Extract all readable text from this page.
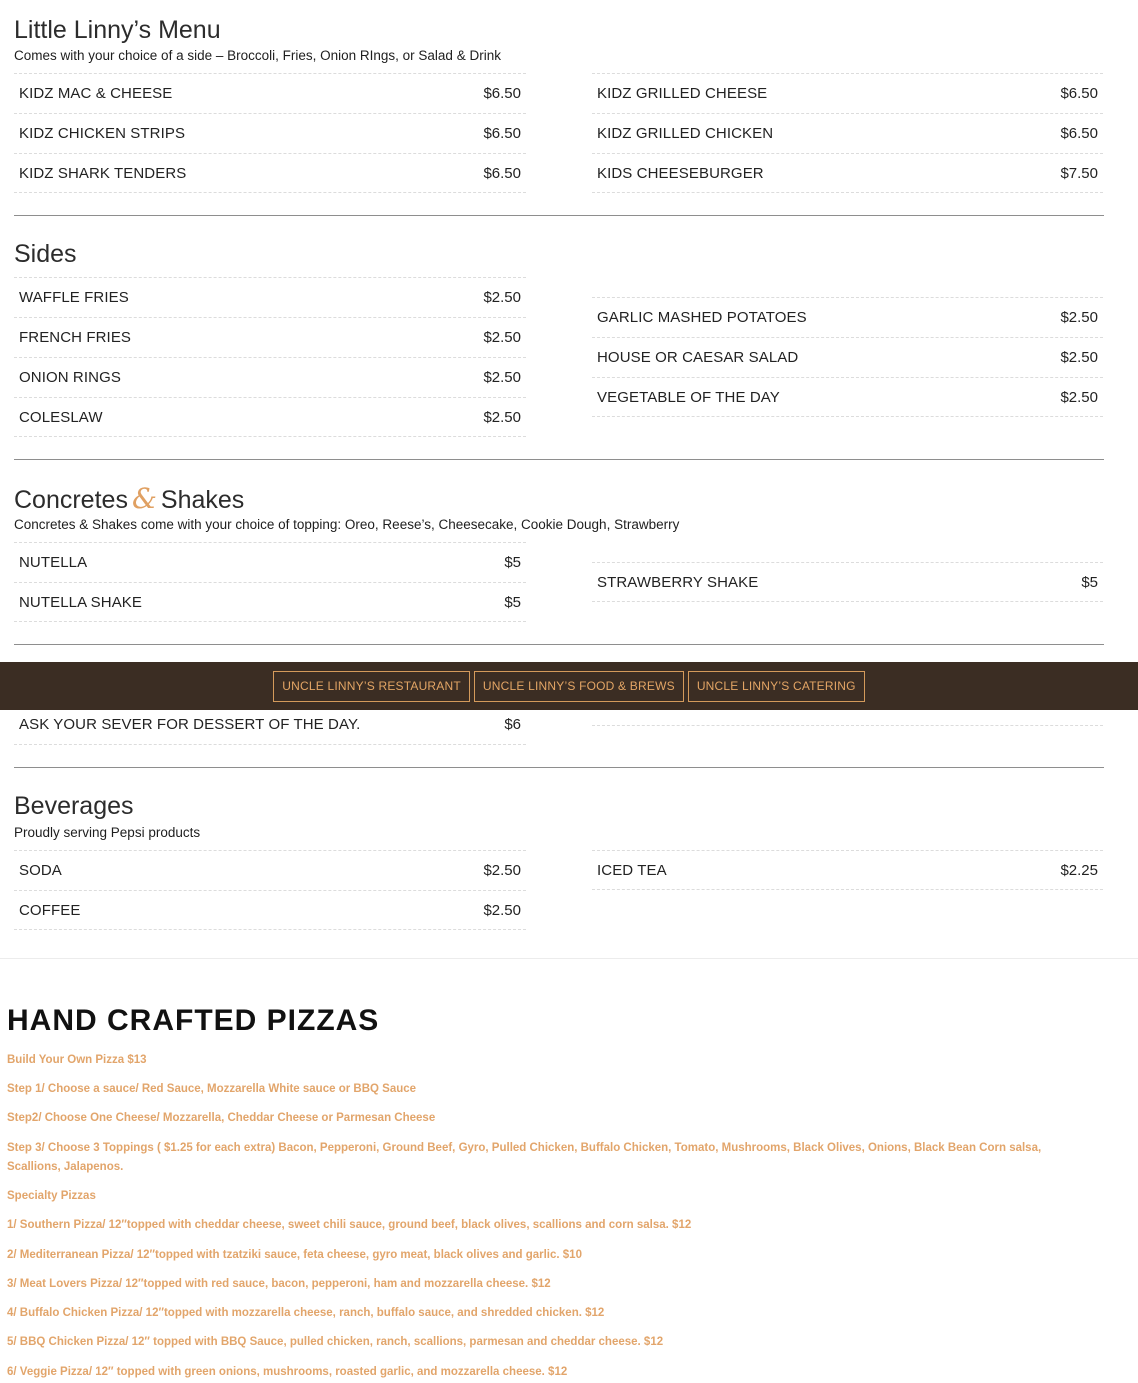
Little Linny’s Menu
Comes with your choice of a side – Broccoli, Fries, Onion RIngs, or Salad & Drink
KIDZ MAC & CHEESE	$6.50
KIDZ CHICKEN STRIPS	$6.50
KIDZ SHARK TENDERS	$6.50
KIDZ GRILLED CHEESE	$6.50
KIDZ GRILLED CHICKEN	$6.50
KIDS CHEESEBURGER	$7.50
Sides
WAFFLE FRIES	$2.50
FRENCH FRIES	$2.50
ONION RINGS	$2.50
COLESLAW	$2.50
GARLIC MASHED POTATOES	$2.50
HOUSE OR CAESAR SALAD	$2.50
VEGETABLE OF THE DAY	$2.50
Concretes & Shakes
Concretes & Shakes come with your choice of topping: Oreo, Reese’s, Cheesecake, Cookie Dough, Strawberry
NUTELLA	$5
NUTELLA SHAKE	$5
STRAWBERRY SHAKE	$5
ASK YOUR SEVER FOR DESSERT OF THE DAY.	$6
UNCLE LINNY’S RESTAURANT	UNCLE LINNY’S FOOD & BREWS	UNCLE LINNY’S CATERING
Beverages
Proudly serving Pepsi products
SODA	$2.50
COFFEE	$2.50
ICED TEA	$2.25
HAND CRAFTED PIZZAS
Build Your Own Pizza $13
Step 1/ Choose a sauce/ Red Sauce, Mozzarella White sauce or BBQ Sauce
Step2/ Choose One Cheese/ Mozzarella, Cheddar Cheese or Parmesan Cheese
Step 3/ Choose 3 Toppings ( $1.25 for each extra) Bacon, Pepperoni, Ground Beef, Gyro, Pulled Chicken, Buffalo Chicken, Tomato, Mushrooms, Black Olives, Onions, Black Bean Corn salsa, Scallions, Jalapenos.
Specialty Pizzas
1/ Southern Pizza/ 12″topped with cheddar cheese, sweet chili sauce, ground beef, black olives, scallions and corn salsa. $12
2/ Mediterranean Pizza/ 12″topped with tzatziki sauce, feta cheese, gyro meat, black olives and garlic. $10
3/ Meat Lovers Pizza/ 12″topped with red sauce, bacon, pepperoni, ham and mozzarella cheese. $12
4/ Buffalo Chicken Pizza/ 12″topped with mozzarella cheese, ranch, buffalo sauce, and shredded chicken. $12
5/ BBQ Chicken Pizza/ 12″ topped with BBQ Sauce, pulled chicken, ranch, scallions, parmesan and cheddar cheese. $12
6/ Veggie Pizza/ 12″ topped with green onions, mushrooms, roasted garlic, and mozzarella cheese. $12
